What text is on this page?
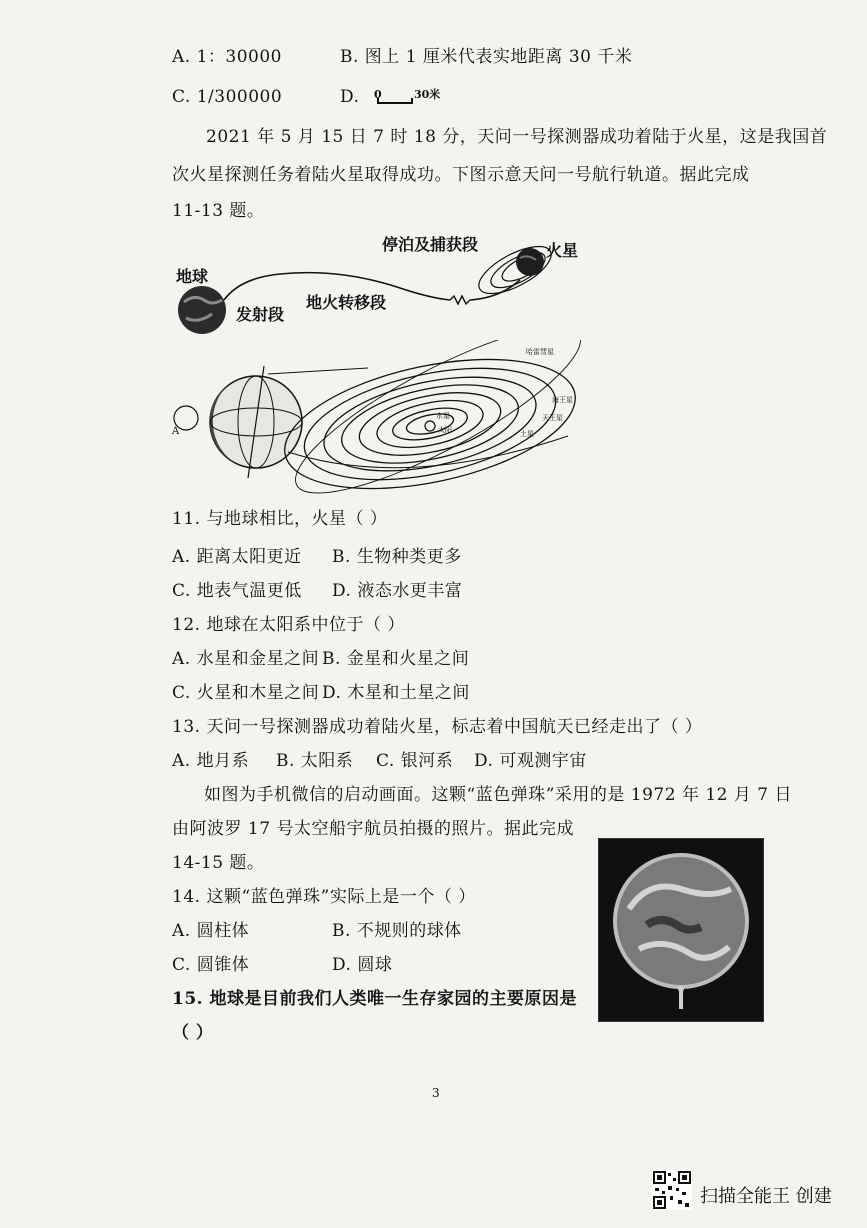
A. 1：30000	B. 图上 1 厘米代表实地距离 30 千米
C. 1/300000	D. 0	30米
2021 年 5 月 15 日 7 时 18 分，天问一号探测器成功着陆于火星，这是我国首
次火星探测任务着陆火星取得成功。下图示意天问一号航行轨道。据此完成
11-13 题。
地球
发射段
地火转移段
停泊及捕获段	火星
A	太阳
水星
哈雷彗星
海王星
天王星
土星
11. 与地球相比，火星（ ）
A. 距离太阳更近 B. 生物种类更多
C. 地表气温更低 D. 液态水更丰富
12. 地球在太阳系中位于（ ）
A. 水星和金星之间 B. 金星和火星之间
C. 火星和木星之间 D. 木星和土星之间
13. 天问一号探测器成功着陆火星，标志着中国航天已经走出了（ ）
A. 地月系 B. 太阳系 C. 银河系 D. 可观测宇宙
如图为手机微信的启动画面。这颗“蓝色弹珠”采用的是 1972 年 12 月 7 日
由阿波罗 17 号太空船宇航员拍摄的照片。据此完成
14-15 题。
14. 这颗“蓝色弹珠”实际上是一个（ ）
A. 圆柱体	B. 不规则的球体
C. 圆锥体	D. 圆球
15. 地球是目前我们人类唯一生存家园的主要原因是
（ ）
3
扫描全能王 创建
